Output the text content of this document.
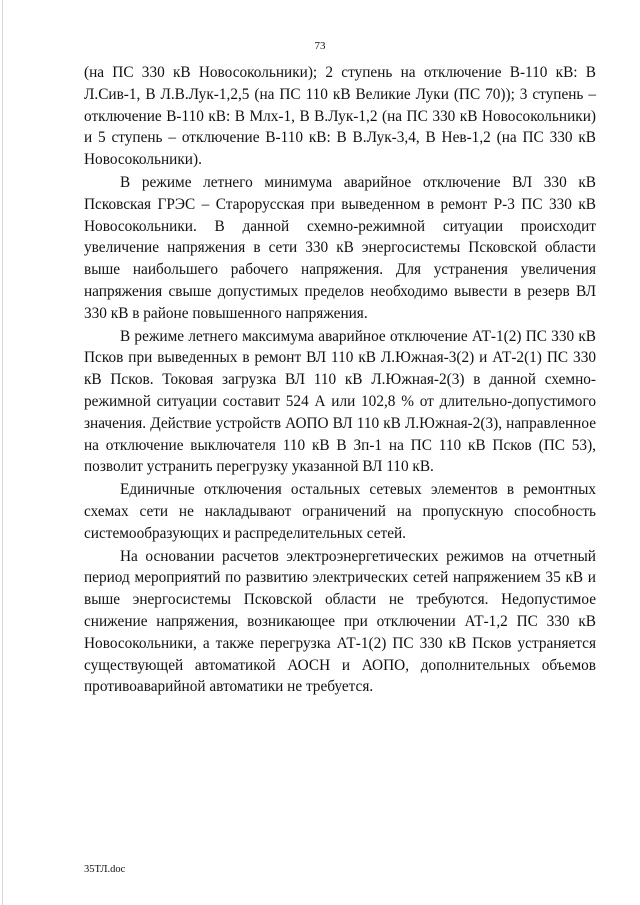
73

(на ПС 330 кВ Новосокольники); 2 ступень на отключение В-110 кВ: В Л.Сив-1, В Л.В.Лук-1,2,5 (на ПС 110 кВ Великие Луки (ПС 70)); 3 ступень – отключение В-110 кВ: В Млх-1, В В.Лук-1,2 (на ПС 330 кВ Новосокольники) и 5 ступень – отключение В-110 кВ: В В.Лук-3,4, В Нев-1,2 (на ПС 330 кВ Новосокольники).

В режиме летнего минимума аварийное отключение ВЛ 330 кВ Псковская ГРЭС – Старорусская при выведенном в ремонт Р-3 ПС 330 кВ Новосокольники. В данной схемно-режимной ситуации происходит увеличение напряжения в сети 330 кВ энергосистемы Псковской области выше наибольшего рабочего напряжения. Для устранения увеличения напряжения свыше допустимых пределов необходимо вывести в резерв ВЛ 330 кВ в районе повышенного напряжения.

В режиме летнего максимума аварийное отключение АТ-1(2) ПС 330 кВ Псков при выведенных в ремонт ВЛ 110 кВ Л.Южная-3(2) и АТ-2(1) ПС 330 кВ Псков. Токовая загрузка ВЛ 110 кВ Л.Южная-2(3) в данной схемно-режимной ситуации составит 524 А или 102,8 % от длительно-допустимого значения. Действие устройств АОПО ВЛ 110 кВ Л.Южная-2(3), направленное на отключение выключателя 110 кВ В Зп-1 на ПС 110 кВ Псков (ПС 53), позволит устранить перегрузку указанной ВЛ 110 кВ.

Единичные отключения остальных сетевых элементов в ремонтных схемах сети не накладывают ограничений на пропускную способность системообразующих и распределительных сетей.

На основании расчетов электроэнергетических режимов на отчетный период мероприятий по развитию электрических сетей напряжением 35 кВ и выше энергосистемы Псковской области не требуются. Недопустимое снижение напряжения, возникающее при отключении АТ-1,2 ПС 330 кВ Новосокольники, а также перегрузка АТ-1(2) ПС 330 кВ Псков устраняется существующей автоматикой АОСН и АОПО, дополнительных объемов противоаварийной автоматики не требуется.

35ТЛ.doc
